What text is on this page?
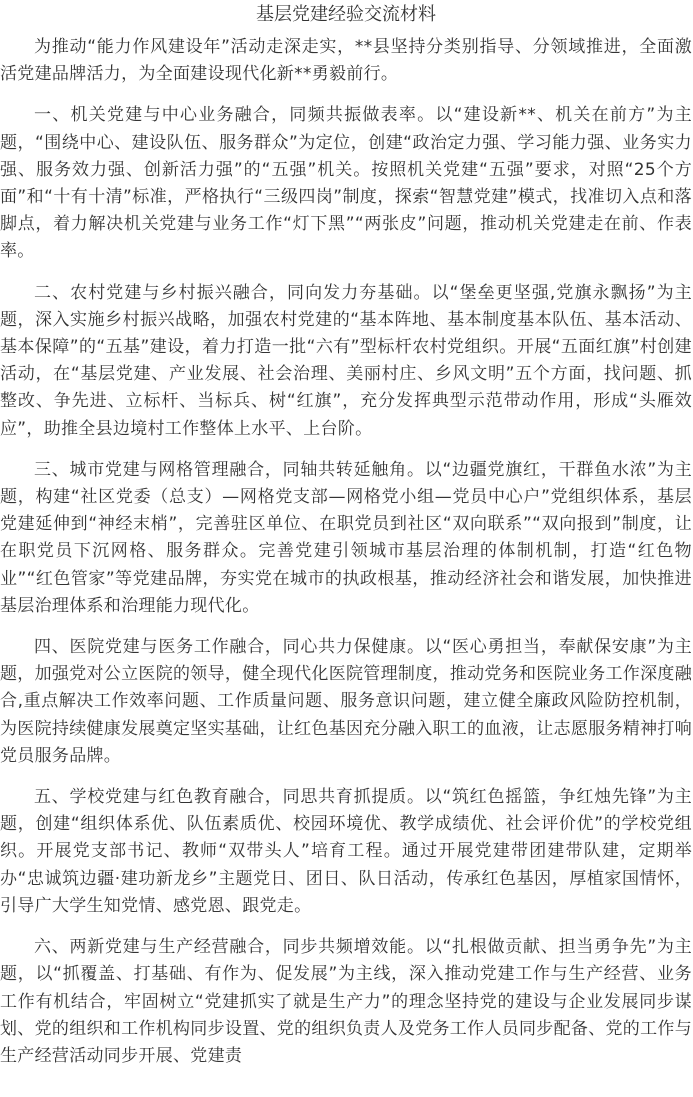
基层党建经验交流材料

为推动“能力作风建设年”活动走深走实，**县坚持分类别指导、分领域推进，全面激活党建品牌活力，为全面建设现代化新**勇毅前行。

一、机关党建与中心业务融合，同频共振做表率。以“建设新**、机关在前方”为主题，“围绕中心、建设队伍、服务群众”为定位，创建“政治定力强、学习能力强、业务实力强、服务效力强、创新活力强”的“五强”机关。按照机关党建“五强”要求，对照“25个方面”和“十有十清”标准，严格执行“三级四岗”制度，探索“智慧党建”模式，找准切入点和落脚点，着力解决机关党建与业务工作“灯下黑”“两张皮”问题，推动机关党建走在前、作表率。

二、农村党建与乡村振兴融合，同向发力夯基础。以“堡垒更坚强,党旗永飘扬”为主题，深入实施乡村振兴战略，加强农村党建的“基本阵地、基本制度基本队伍、基本活动、基本保障”的“五基”建设，着力打造一批“六有”型标杆农村党组织。开展“五面红旗”村创建活动，在“基层党建、产业发展、社会治理、美丽村庄、乡风文明”五个方面，找问题、抓整改、争先进、立标杆、当标兵、树“红旗”，充分发挥典型示范带动作用，形成“头雁效应”，助推全县边境村工作整体上水平、上台阶。

三、城市党建与网格管理融合，同轴共转延触角。以“边疆党旗红，干群鱼水浓”为主题，构建“社区党委（总支）—网格党支部—网格党小组—党员中心户”党组织体系，基层党建延伸到“神经末梢”，完善驻区单位、在职党员到社区“双向联系”“双向报到”制度，让在职党员下沉网格、服务群众。完善党建引领城市基层治理的体制机制，打造“红色物业”“红色管家”等党建品牌，夯实党在城市的执政根基，推动经济社会和谐发展，加快推进基层治理体系和治理能力现代化。

四、医院党建与医务工作融合，同心共力保健康。以“医心勇担当，奉献保安康”为主题，加强党对公立医院的领导，健全现代化医院管理制度，推动党务和医院业务工作深度融合,重点解决工作效率问题、工作质量问题、服务意识问题，建立健全廉政风险防控机制，为医院持续健康发展奠定坚实基础，让红色基因充分融入职工的血液，让志愿服务精神打响党员服务品牌。

五、学校党建与红色教育融合，同思共育抓提质。以“筑红色摇篮，争红烛先锋”为主题，创建“组织体系优、队伍素质优、校园环境优、教学成绩优、社会评价优”的学校党组织。开展党支部书记、教师“双带头人”培育工程。通过开展党建带团建带队建，定期举办“忠诚筑边疆·建功新龙乡”主题党日、团日、队日活动，传承红色基因，厚植家国情怀，引导广大学生知党情、感党恩、跟党走。

六、两新党建与生产经营融合，同步共频增效能。以“扎根做贡献、担当勇争先”为主题，以“抓覆盖、打基础、有作为、促发展”为主线，深入推动党建工作与生产经营、业务工作有机结合，牢固树立“党建抓实了就是生产力”的理念坚持党的建设与企业发展同步谋划、党的组织和工作机构同步设置、党的组织负责人及党务工作人员同步配备、党的工作与生产经营活动同步开展、党建责
